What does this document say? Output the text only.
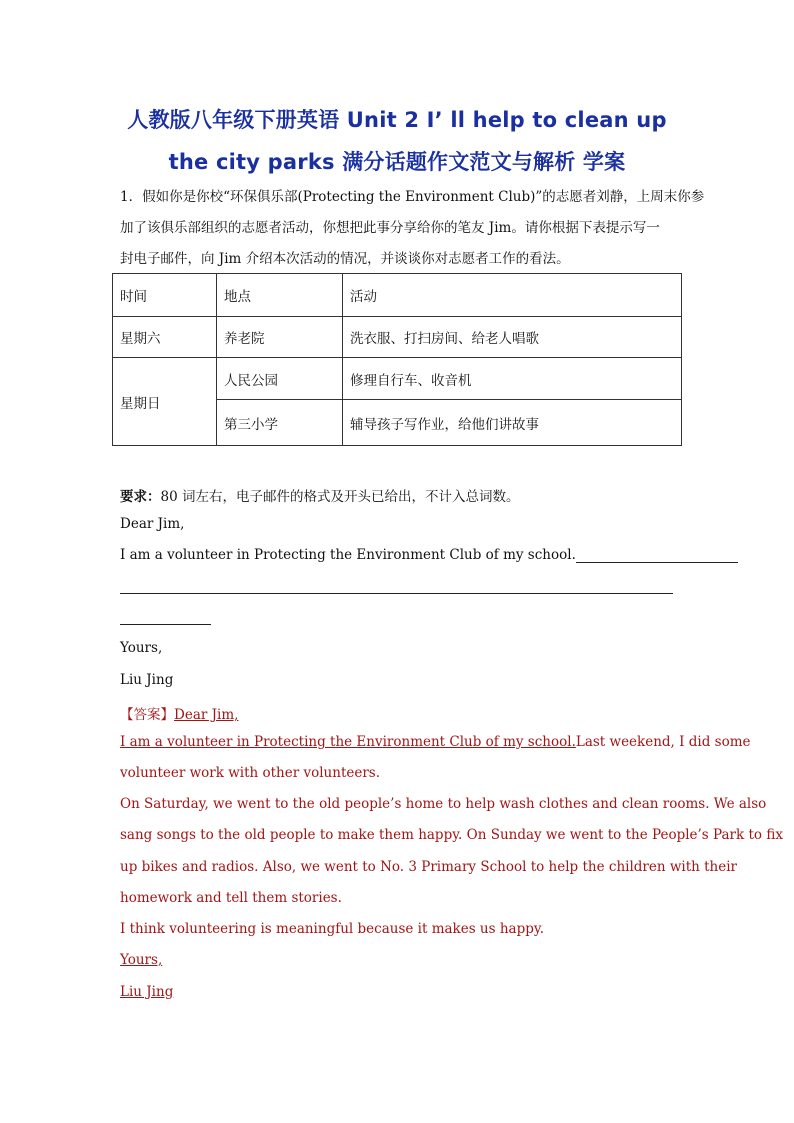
人教版八年级下册英语 Unit 2 I’ ll help to clean up
the city parks 满分话题作文范文与解析 学案
1．假如你是你校“环保俱乐部(Protecting the Environment Club)”的志愿者刘静，上周末你参
加了该俱乐部组织的志愿者活动，你想把此事分享给你的笔友 Jim。请你根据下表提示写一
封电子邮件，向 Jim 介绍本次活动的情况，并谈谈你对志愿者工作的看法。
时间	地点	活动
星期六	养老院	洗衣服、打扫房间、给老人唱歌
星期日	人民公园	修理自行车、收音机
	第三小学	辅导孩子写作业，给他们讲故事
要求：80 词左右，电子邮件的格式及开头已给出，不计入总词数。
Dear Jim,
I am a volunteer in Protecting the Environment Club of my school.
Yours,
Liu Jing
【答案】Dear Jim,
I am a volunteer in Protecting the Environment Club of my school.Last weekend, I did some
volunteer work with other volunteers.
On Saturday, we went to the old people’s home to help wash clothes and clean rooms. We also
sang songs to the old people to make them happy. On Sunday we went to the People’s Park to fix
up bikes and radios. Also, we went to No. 3 Primary School to help the children with their
homework and tell them stories.
I think volunteering is meaningful because it makes us happy.
Yours,
Liu Jing
